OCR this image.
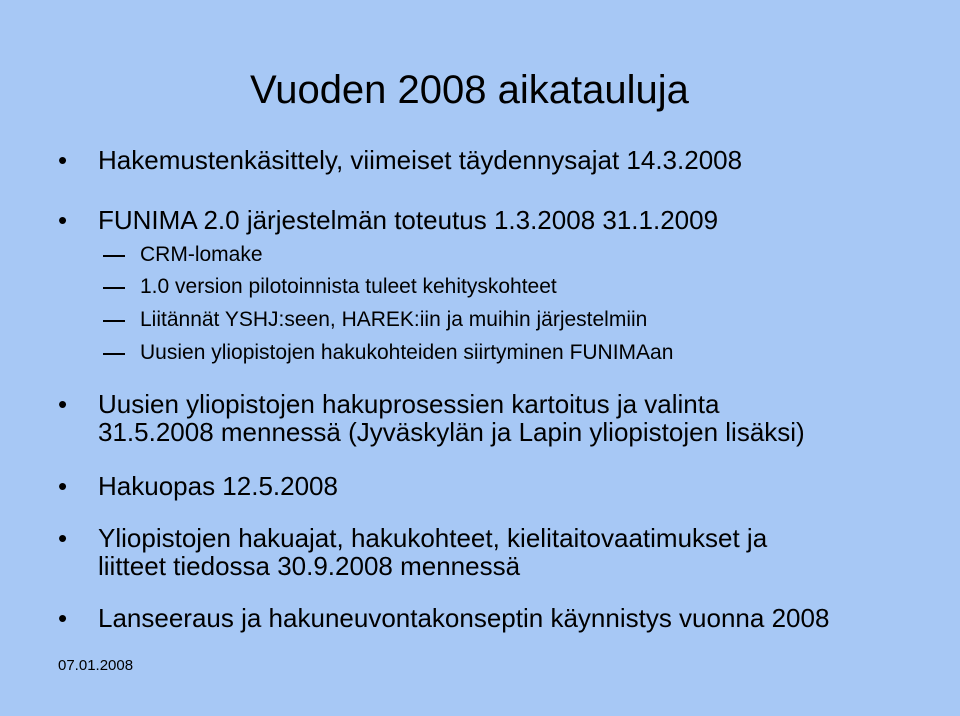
Vuoden 2008 aikatauluja
• Hakemustenkäsittely, viimeiset täydennysajat 14.3.2008
• FUNIMA 2.0 järjestelmän toteutus 1.3.2008 31.1.2009
CRM-lomake
1.0 version pilotoinnista tuleet kehityskohteet
Liitännät YSHJ:seen, HAREK:iin ja muihin järjestelmiin
Uusien yliopistojen hakukohteiden siirtyminen FUNIMAan
• Uusien yliopistojen hakuprosessien kartoitus ja valinta
31.5.2008 mennessä (Jyväskylän ja Lapin yliopistojen lisäksi)
• Hakuopas 12.5.2008
• Yliopistojen hakuajat, hakukohteet, kielitaitovaatimukset ja
liitteet tiedossa 30.9.2008 mennessä
• Lanseeraus ja hakuneuvontakonseptin käynnistys vuonna 2008
07.01.2008
